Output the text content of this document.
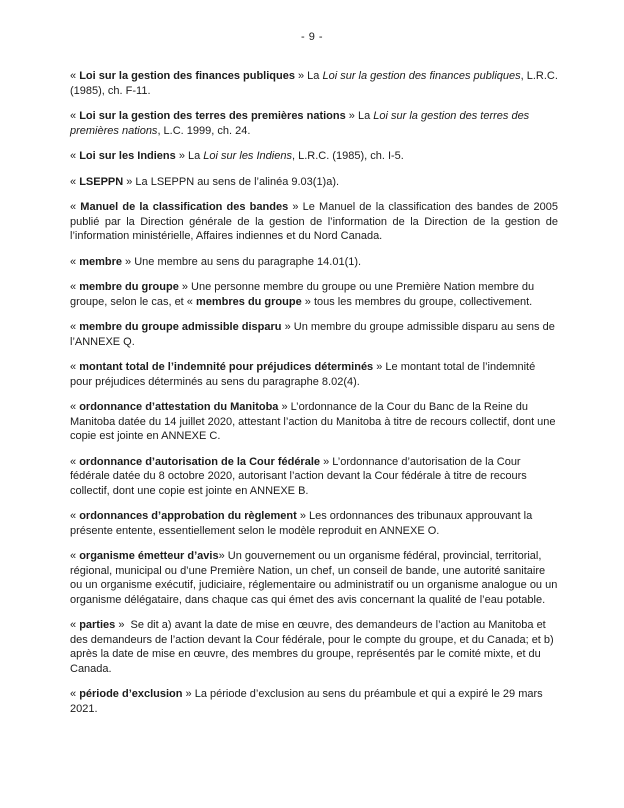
- 9 -

« Loi sur la gestion des finances publiques » La Loi sur la gestion des finances publiques, L.R.C. (1985), ch. F-11.

« Loi sur la gestion des terres des premières nations » La Loi sur la gestion des terres des premières nations, L.C. 1999, ch. 24.

« Loi sur les Indiens » La Loi sur les Indiens, L.R.C. (1985), ch. I-5.

« LSEPPN » La LSEPPN au sens de l’alinéa 9.03(1)a).

« Manuel de la classification des bandes » Le Manuel de la classification des bandes de 2005 publié par la Direction générale de la gestion de l’information de la Direction de la gestion de l’information ministérielle, Affaires indiennes et du Nord Canada.

« membre » Une membre au sens du paragraphe 14.01(1).

« membre du groupe » Une personne membre du groupe ou une Première Nation membre du groupe, selon le cas, et « membres du groupe » tous les membres du groupe, collectivement.

« membre du groupe admissible disparu » Un membre du groupe admissible disparu au sens de l’ANNEXE Q.

« montant total de l’indemnité pour préjudices déterminés » Le montant total de l’indemnité pour préjudices déterminés au sens du paragraphe 8.02(4).

« ordonnance d’attestation du Manitoba » L’ordonnance de la Cour du Banc de la Reine du Manitoba datée du 14 juillet 2020, attestant l’action du Manitoba à titre de recours collectif, dont une copie est jointe en ANNEXE C.

« ordonnance d’autorisation de la Cour fédérale » L’ordonnance d’autorisation de la Cour fédérale datée du 8 octobre 2020, autorisant l’action devant la Cour fédérale à titre de recours collectif, dont une copie est jointe en ANNEXE B.

« ordonnances d’approbation du règlement » Les ordonnances des tribunaux approuvant la présente entente, essentiellement selon le modèle reproduit en ANNEXE O.

« organisme émetteur d’avis» Un gouvernement ou un organisme fédéral, provincial, territorial, régional, municipal ou d’une Première Nation, un chef, un conseil de bande, une autorité sanitaire ou un organisme exécutif, judiciaire, réglementaire ou administratif ou un organisme analogue ou un organisme délégataire, dans chaque cas qui émet des avis concernant la qualité de l’eau potable.

« parties »  Se dit a) avant la date de mise en œuvre, des demandeurs de l’action au Manitoba et des demandeurs de l’action devant la Cour fédérale, pour le compte du groupe, et du Canada; et b) après la date de mise en œuvre, des membres du groupe, représentés par le comité mixte, et du Canada.

« période d’exclusion » La période d’exclusion au sens du préambule et qui a expiré le 29 mars 2021.
